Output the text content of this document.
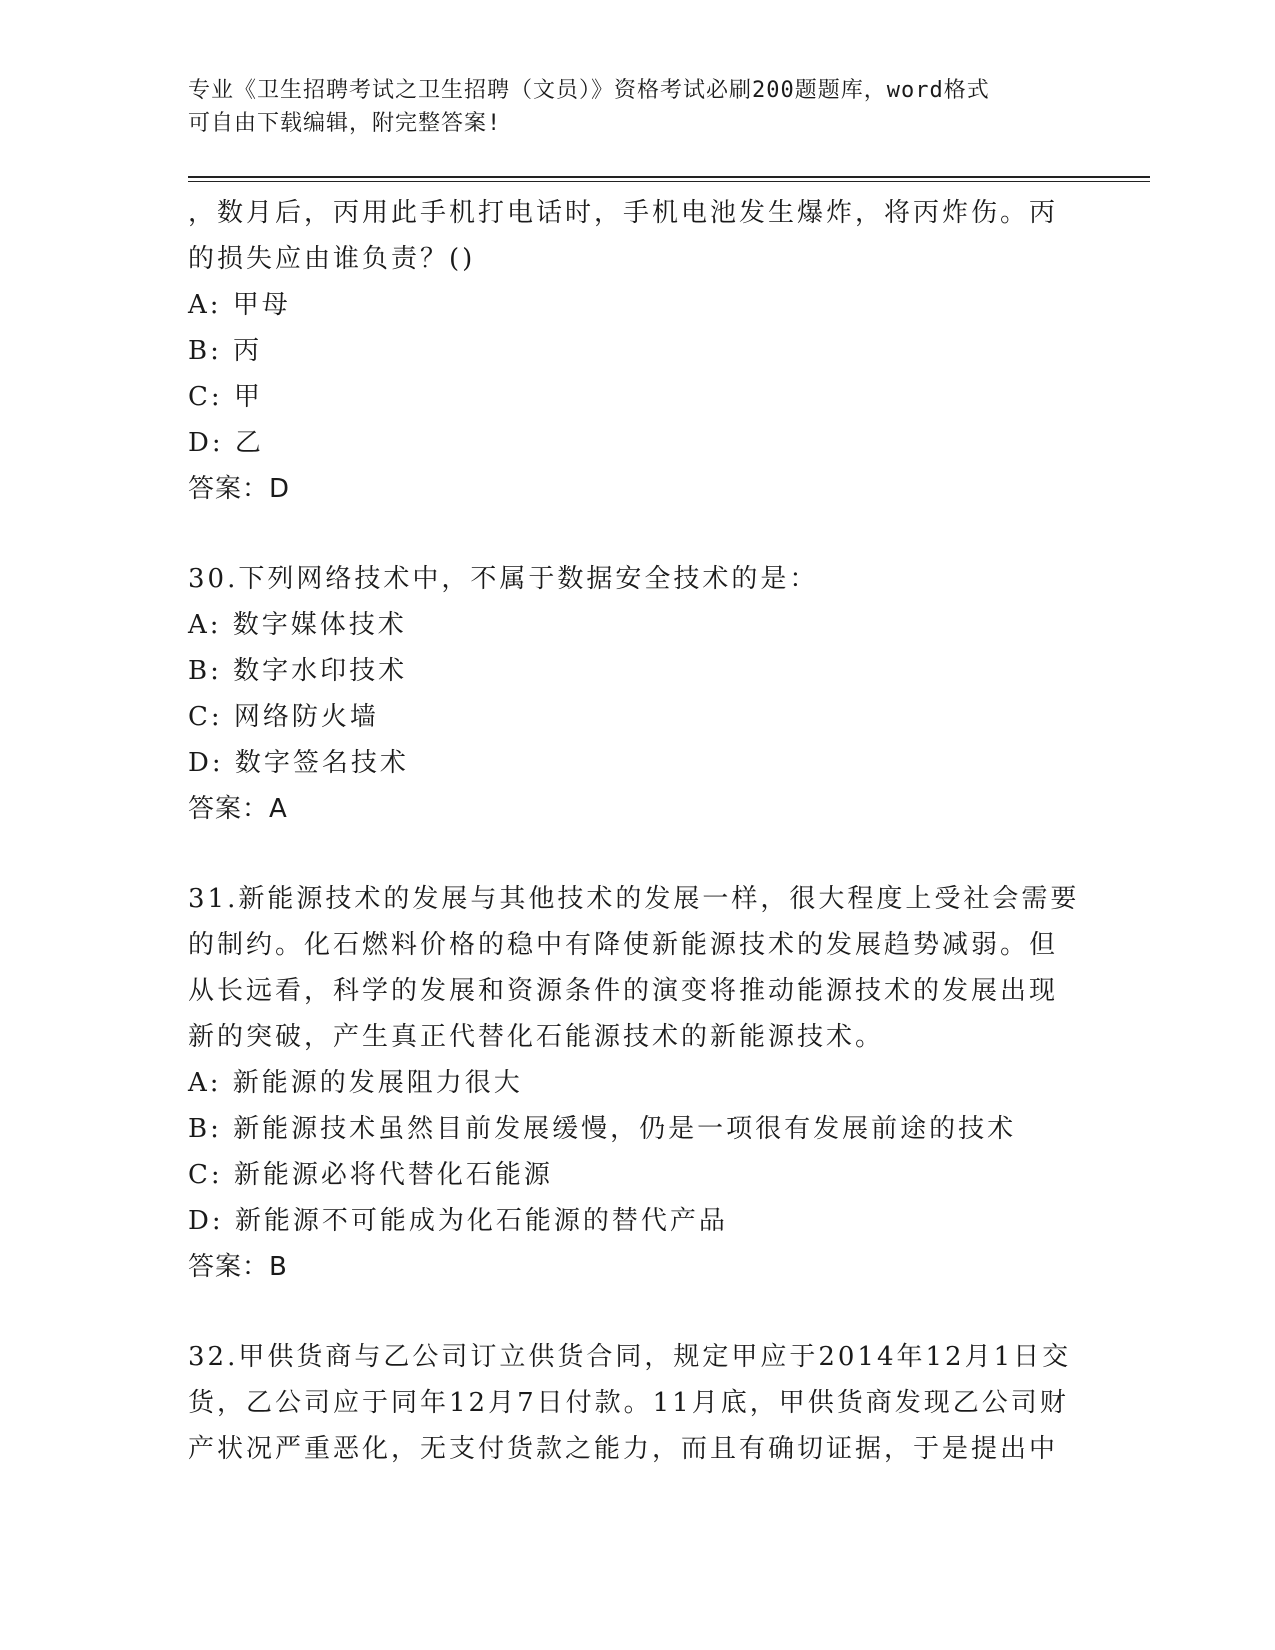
专业《卫生招聘考试之卫生招聘（文员）》资格考试必刷200题题库，word格式
可自由下载编辑，附完整答案!
，数月后，丙用此手机打电话时，手机电池发生爆炸，将丙炸伤。丙
的损失应由谁负责？()
A: 甲母
B: 丙
C: 甲
D: 乙
答案：D
30.下列网络技术中，不属于数据安全技术的是：
A: 数字媒体技术
B: 数字水印技术
C: 网络防火墙
D: 数字签名技术
答案：A
31.新能源技术的发展与其他技术的发展一样，很大程度上受社会需要
的制约。化石燃料价格的稳中有降使新能源技术的发展趋势减弱。但
从长远看，科学的发展和资源条件的演变将推动能源技术的发展出现
新的突破，产生真正代替化石能源技术的新能源技术。
A: 新能源的发展阻力很大
B: 新能源技术虽然目前发展缓慢，仍是一项很有发展前途的技术
C: 新能源必将代替化石能源
D: 新能源不可能成为化石能源的替代产品
答案：B
32.甲供货商与乙公司订立供货合同，规定甲应于2014年12月1日交
货，乙公司应于同年12月7日付款。11月底，甲供货商发现乙公司财
产状况严重恶化，无支付货款之能力，而且有确切证据，于是提出中
